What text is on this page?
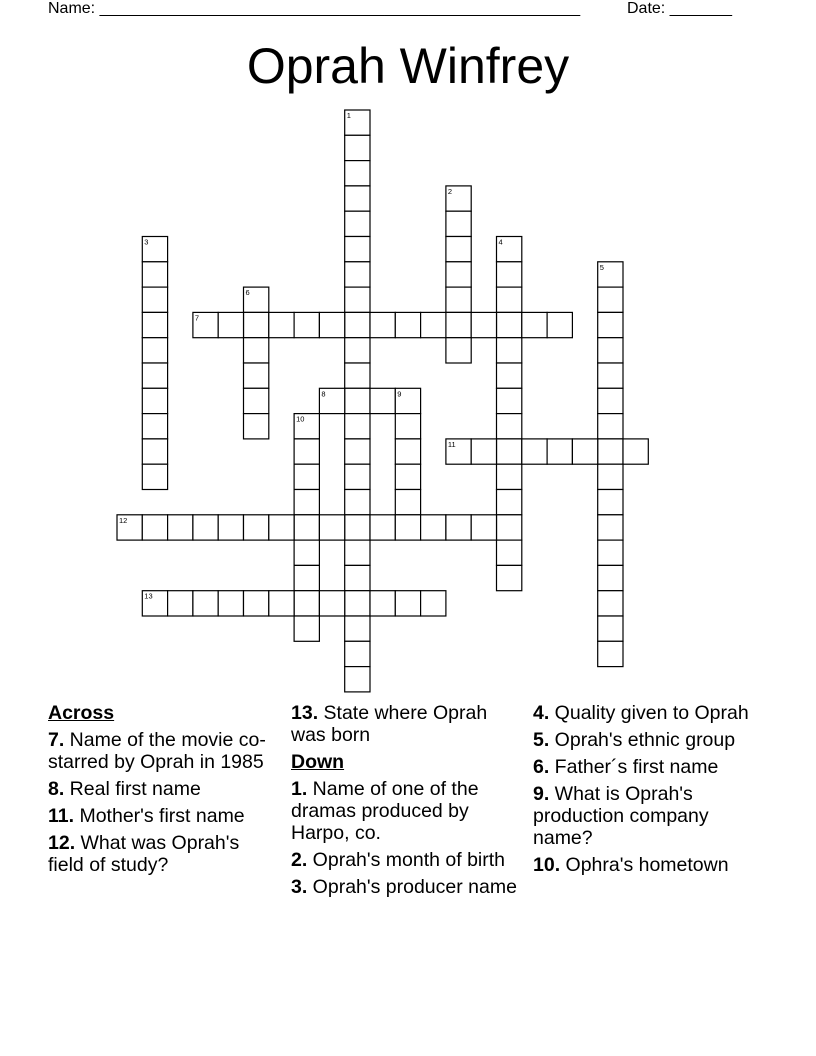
Name: ______________________________________________________	Date: _______
Oprah Winfrey
1
2
3	4
5
6
7
8	9
10
11
12
13
Across
7. Name of the movie co-starred by Oprah in 1985
8. Real first name
11. Mother's first name
12. What was Oprah's field of study?
13. State where Oprah was born
Down
1. Name of one of the dramas produced by Harpo, co.
2. Oprah's month of birth
3. Oprah's producer name
4. Quality given to Oprah
5. Oprah's ethnic group
6. Father´s first name
9. What is Oprah's production company name?
10. Ophra's hometown
